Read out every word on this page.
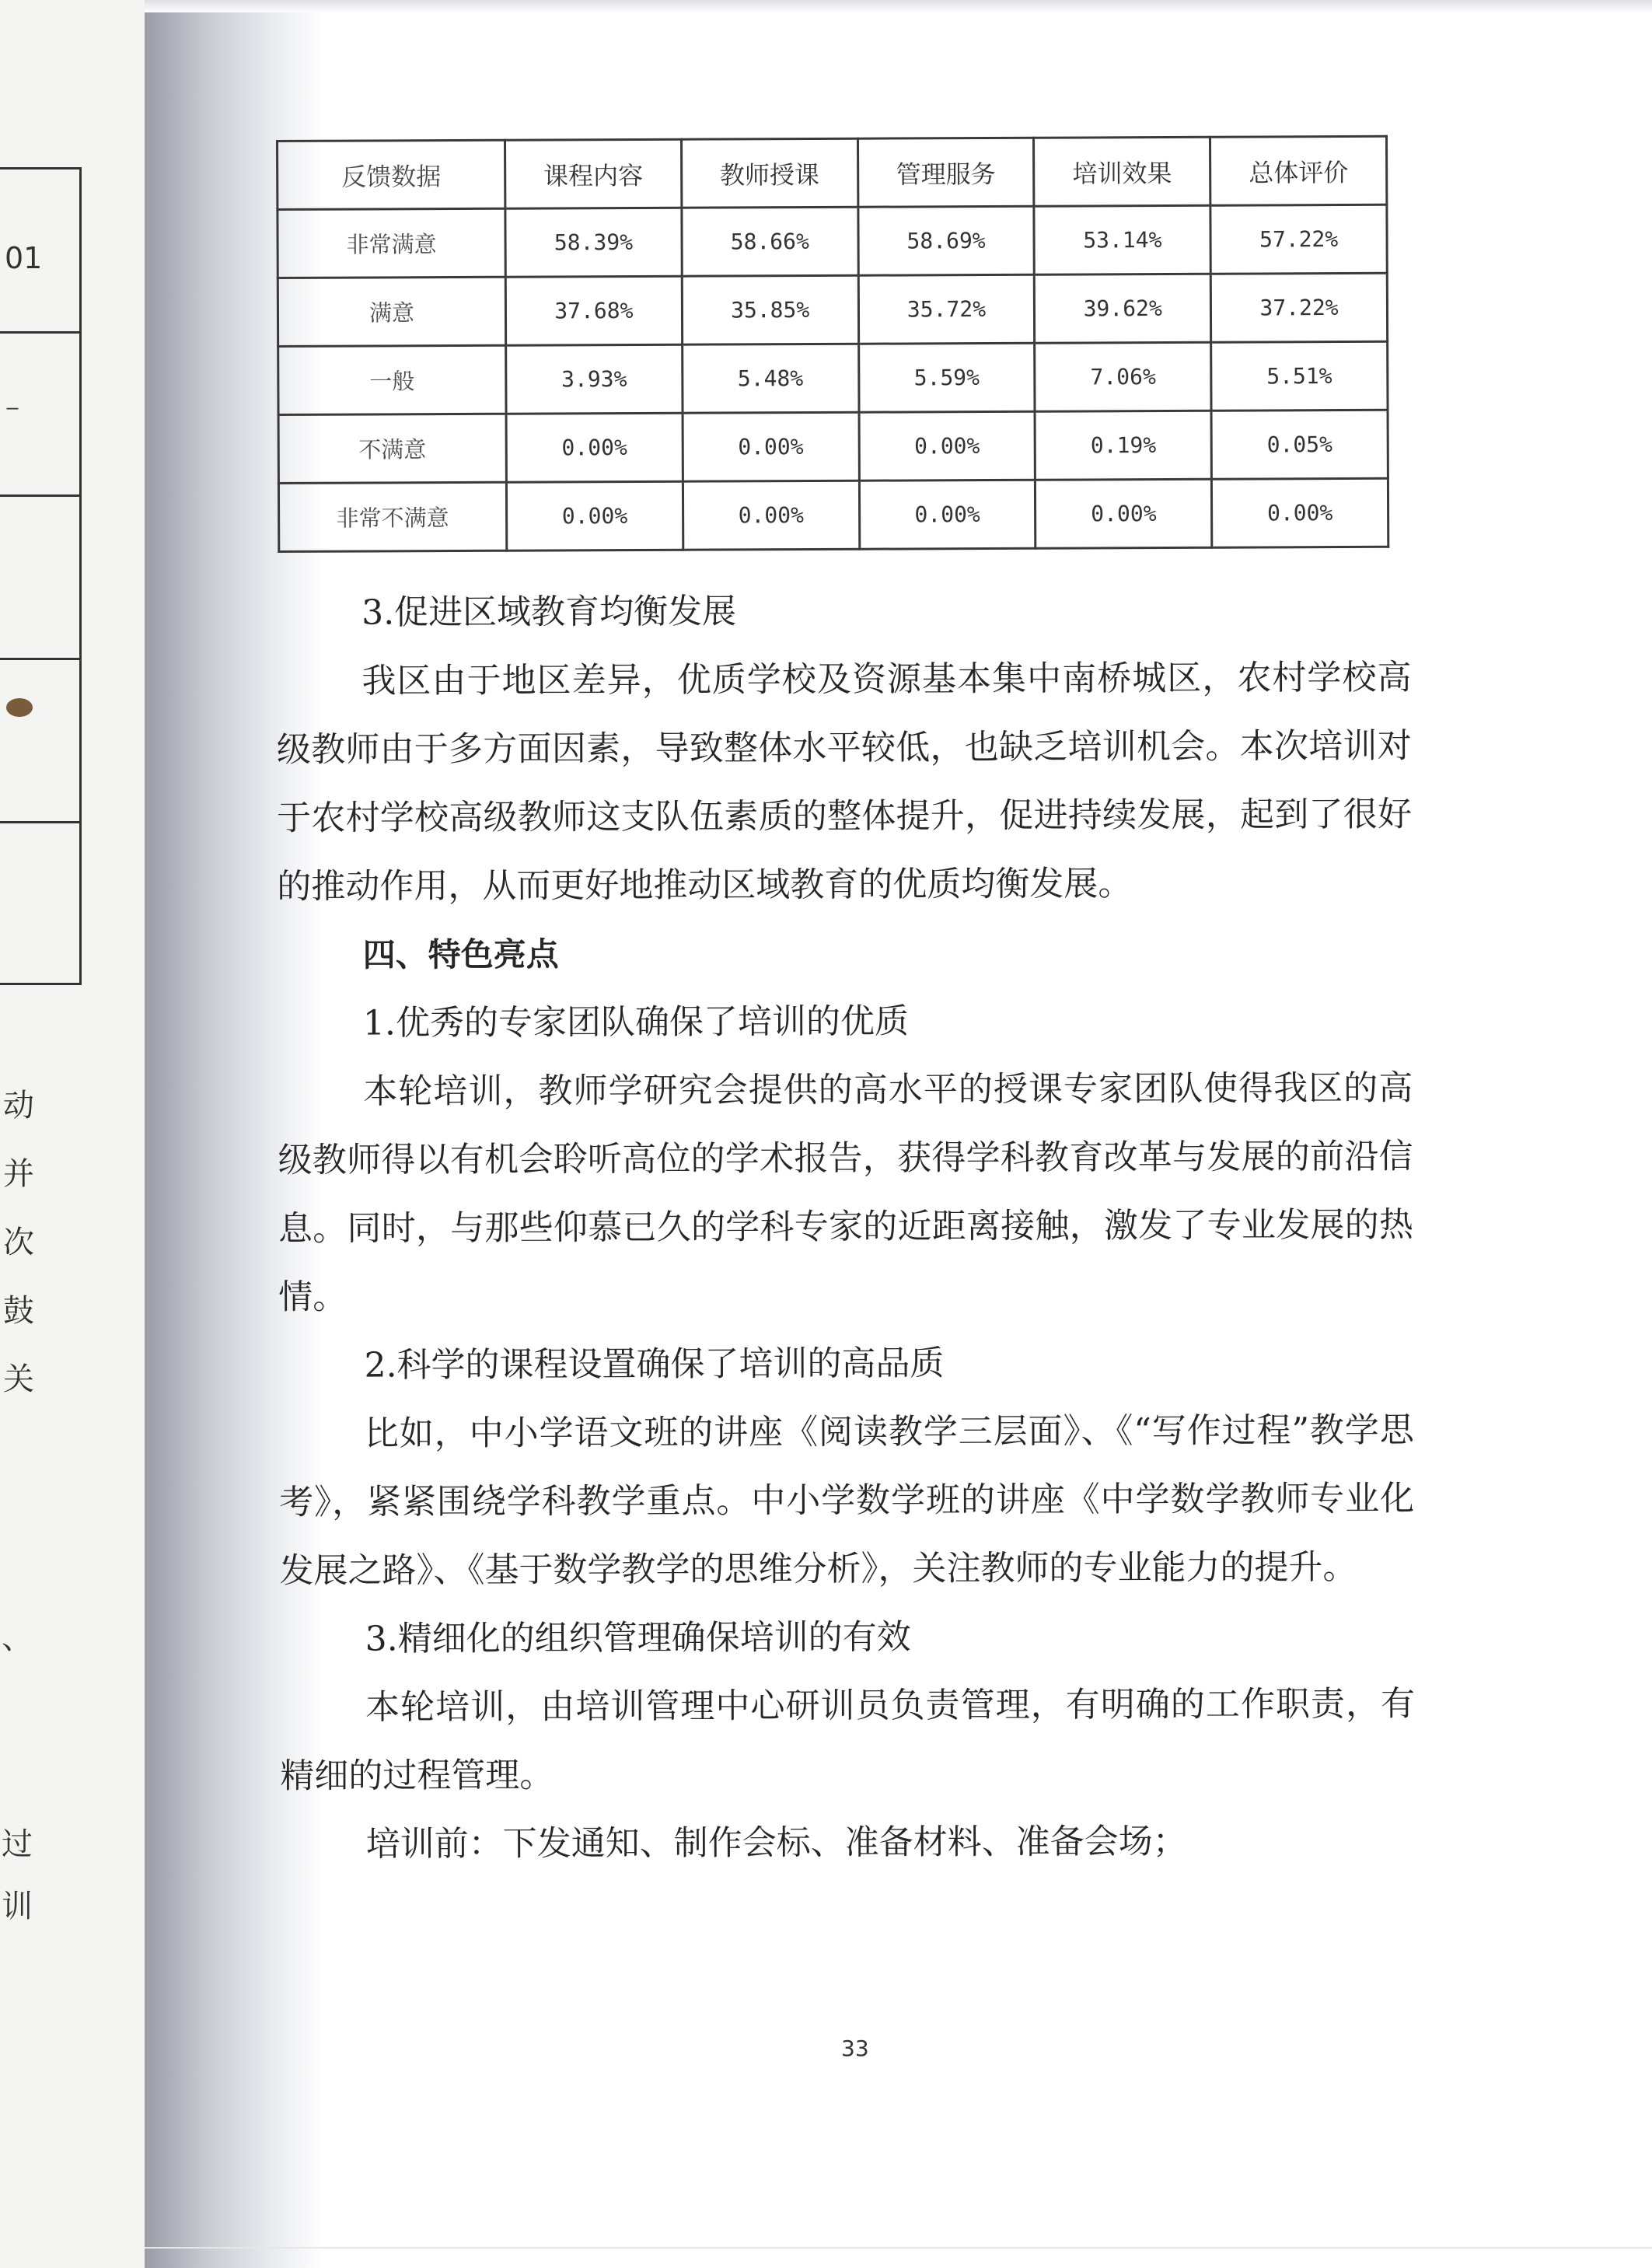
01
⁻
动
并
次
鼓
关
、
过
训
反馈数据	课程内容	教师授课	管理服务	培训效果	总体评价
非常满意	58.39%	58.66%	58.69%	53.14%	57.22%
满意	37.68%	35.85%	35.72%	39.62%	37.22%
一般	3.93%	5.48%	5.59%	7.06%	5.51%
不满意	0.00%	0.00%	0.00%	0.19%	0.05%
非常不满意	0.00%	0.00%	0.00%	0.00%	0.00%

3.促进区域教育均衡发展

我区由于地区差异，优质学校及资源基本集中南桥城区，农村学校高级教师由于多方面因素，导致整体水平较低，也缺乏培训机会。本次培训对于农村学校高级教师这支队伍素质的整体提升，促进持续发展，起到了很好的推动作用，从而更好地推动区域教育的优质均衡发展。

四、特色亮点

1.优秀的专家团队确保了培训的优质

本轮培训，教师学研究会提供的高水平的授课专家团队使得我区的高级教师得以有机会聆听高位的学术报告，获得学科教育改革与发展的前沿信息。同时，与那些仰慕已久的学科专家的近距离接触，激发了专业发展的热情。

2.科学的课程设置确保了培训的高品质

比如，中小学语文班的讲座《阅读教学三层面》、《“写作过程”教学思考》，紧紧围绕学科教学重点。中小学数学班的讲座《中学数学教师专业化发展之路》、《基于数学教学的思维分析》，关注教师的专业能力的提升。

3.精细化的组织管理确保培训的有效

本轮培训，由培训管理中心研训员负责管理，有明确的工作职责，有精细的过程管理。

培训前：下发通知、制作会标、准备材料、准备会场；

33
